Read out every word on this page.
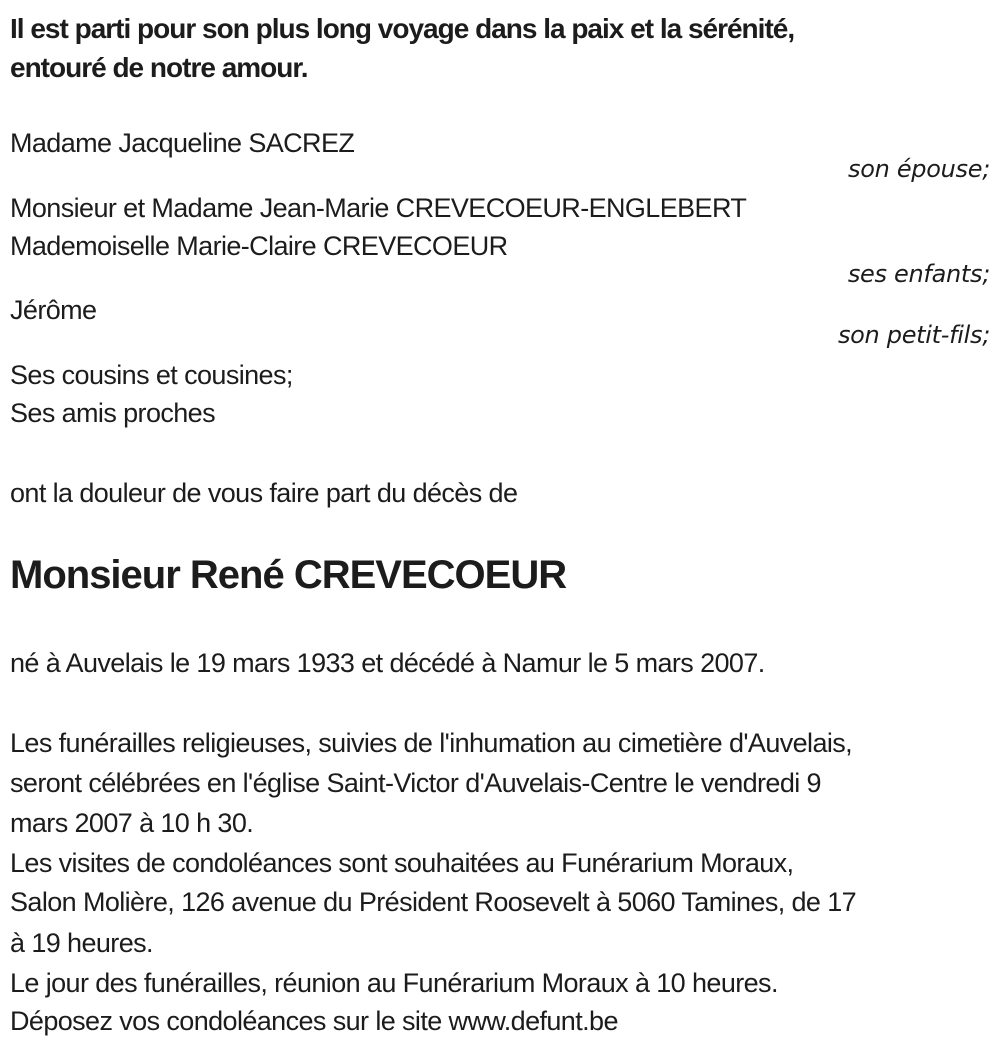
Il est parti pour son plus long voyage dans la paix et la sérénité,
entouré de notre amour.
Madame Jacqueline SACREZ
son épouse;
Monsieur et Madame Jean-Marie CREVECOEUR-ENGLEBERT
Mademoiselle Marie-Claire CREVECOEUR
ses enfants;
Jérôme
son petit-fils;
Ses cousins et cousines;
Ses amis proches
ont la douleur de vous faire part du décès de
Monsieur René CREVECOEUR
né à Auvelais le 19 mars 1933 et décédé à Namur le 5 mars 2007.
Les funérailles religieuses, suivies de l'inhumation au cimetière d'Auvelais,
seront célébrées en l'église Saint-Victor d'Auvelais-Centre le vendredi 9
mars 2007 à 10 h 30.
Les visites de condoléances sont souhaitées au Funérarium Moraux,
Salon Molière, 126 avenue du Président Roosevelt à 5060 Tamines, de 17
à 19 heures.
Le jour des funérailles, réunion au Funérarium Moraux à 10 heures.
Déposez vos condoléances sur le site www.defunt.be
